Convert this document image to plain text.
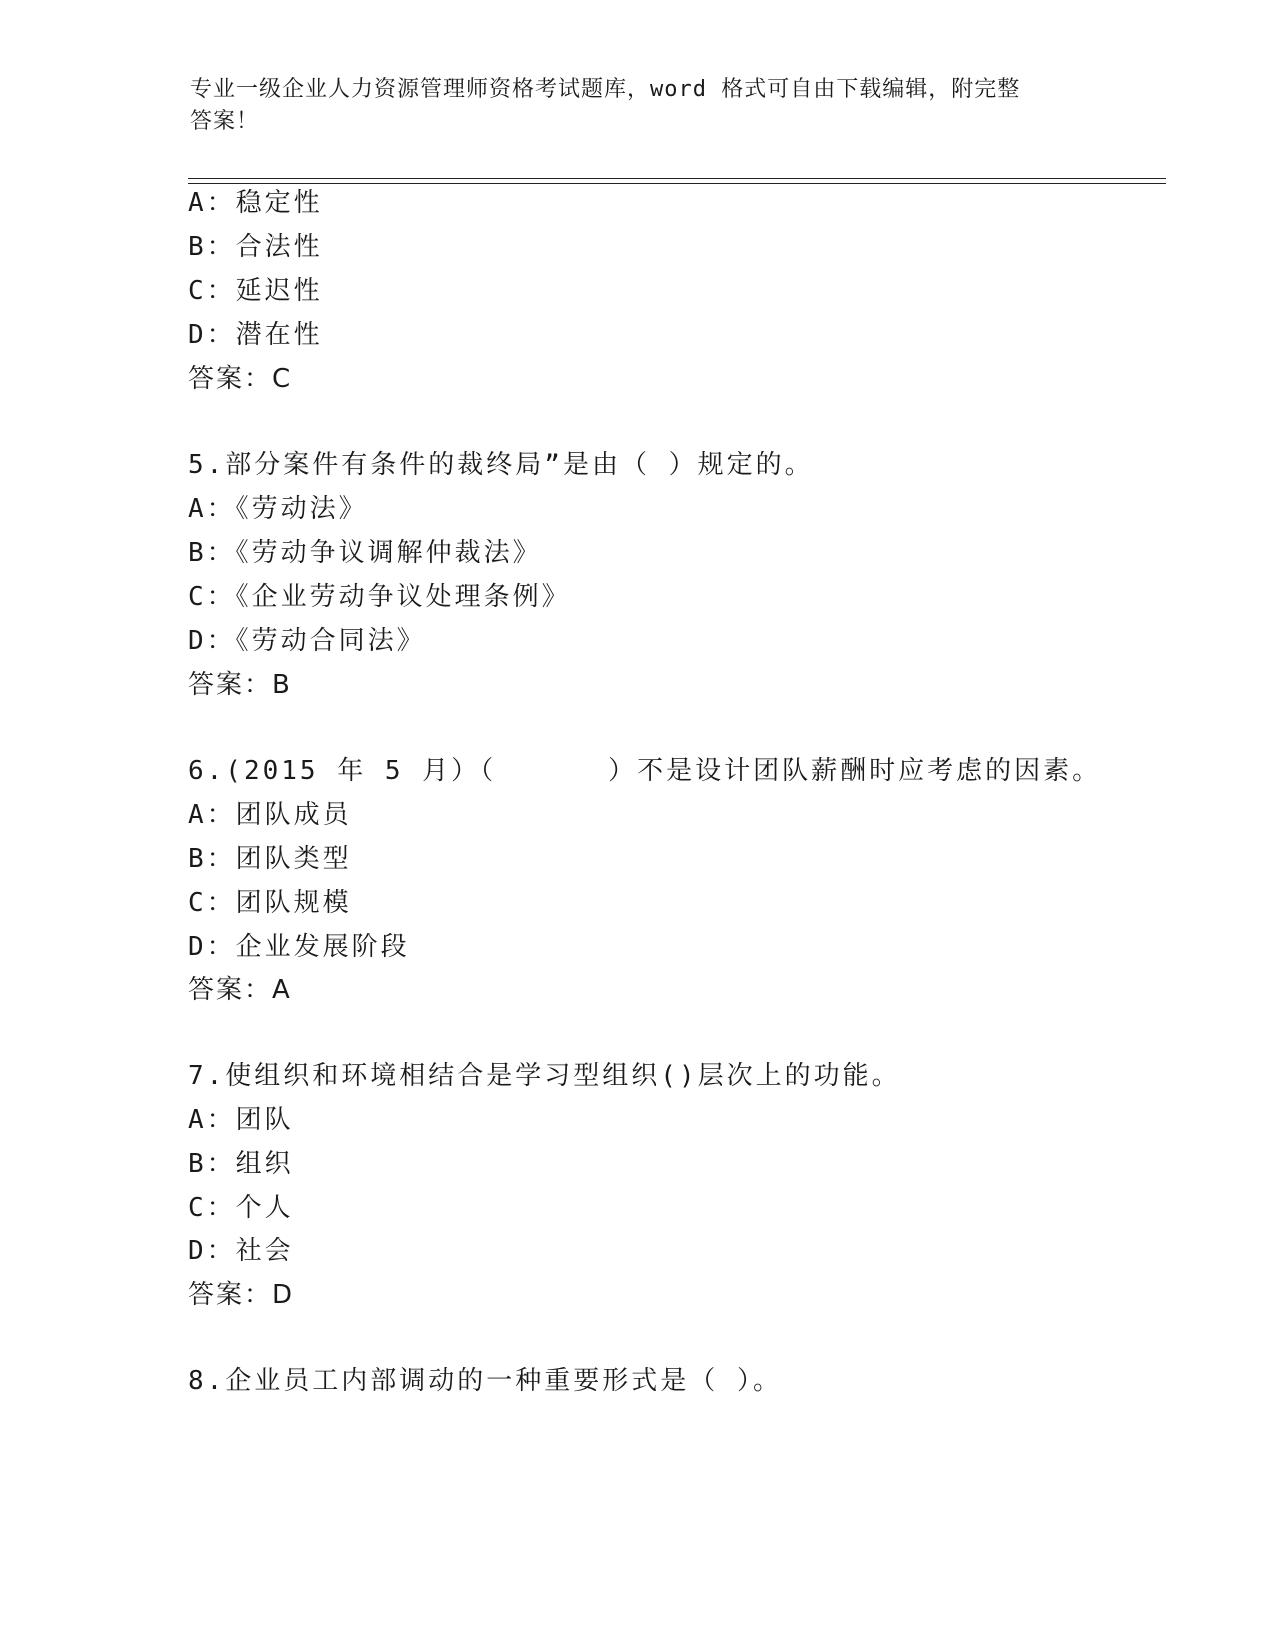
专业一级企业人力资源管理师资格考试题库，word 格式可自由下载编辑，附完整
答案！
A：稳定性
B：合法性
C：延迟性
D：潜在性
答案：C
5.部分案件有条件的裁终局”是由（ ）规定的。
A：《劳动法》
B：《劳动争议调解仲裁法》
C：《企业劳动争议处理条例》
D：《劳动合同法》
答案：B
6.(2015 年 5 月）（      ）不是设计团队薪酬时应考虑的因素。
A：团队成员
B：团队类型
C：团队规模
D：企业发展阶段
答案：A
7.使组织和环境相结合是学习型组织()层次上的功能。
A：团队
B：组织
C：个人
D：社会
答案：D
8.企业员工内部调动的一种重要形式是（ ）。
